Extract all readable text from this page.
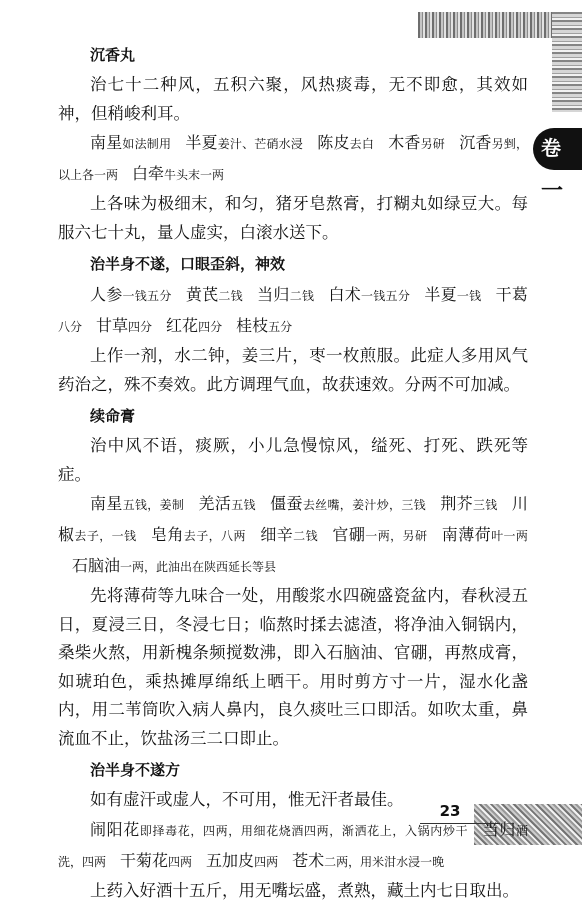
卷
一
沉香丸

治七十二种风，五积六聚，风热痰毒，无不即愈，其效如神，但稍峻利耳。

南星如法制用 半夏姜汁、芒硝水浸 陈皮去白 木香另研 沉香另剉，以上各一两 白牵牛头末一两

上各味为极细末，和匀，猪牙皂熬膏，打糊丸如绿豆大。每服六七十丸，量人虚实，白滚水送下。

治半身不遂，口眼歪斜，神效

人参一钱五分 黄芪二钱 当归二钱 白术一钱五分 半夏一钱 干葛八分 甘草四分 红花四分 桂枝五分

上作一剂，水二钟，姜三片，枣一枚煎服。此症人多用风气药治之，殊不奏效。此方调理气血，故获速效。分两不可加减。

续命膏

治中风不语，痰厥，小儿急慢惊风，缢死、打死、跌死等症。

南星五钱，姜制 羌活五钱 僵蚕去丝嘴，姜汁炒，三钱 荆芥三钱 川椒去子，一钱 皂角去子，八两 细辛二钱 官硼一两，另研 南薄荷叶一两石脑油一两，此油出在陕西延长等县

先将薄荷等九味合一处，用酸浆水四碗盛瓷盆内，春秋浸五日，夏浸三日，冬浸七日；临熬时揉去滤渣，将净油入铜锅内，桑柴火熬，用新槐条频搅数沸，即入石脑油、官硼，再熬成膏，如琥珀色，乘热摊厚绵纸上晒干。用时剪方寸一片，湿水化盏内，用二苇筒吹入病人鼻内，良久痰吐三口即活。如吹太重，鼻流血不止，饮盐汤三二口即止。

治半身不遂方

如有虚汗或虚人，不可用，惟无汗者最佳。

闹阳花即择毒花，四两，用细花烧酒四两，渐洒花上，入锅内炒干 当归酒洗，四两 干菊花四两 五加皮四两 苍术二两，用米泔水浸一晚

上药入好酒十五斤，用无嘴坛盛，煮熟，藏土内七日取出。

23
